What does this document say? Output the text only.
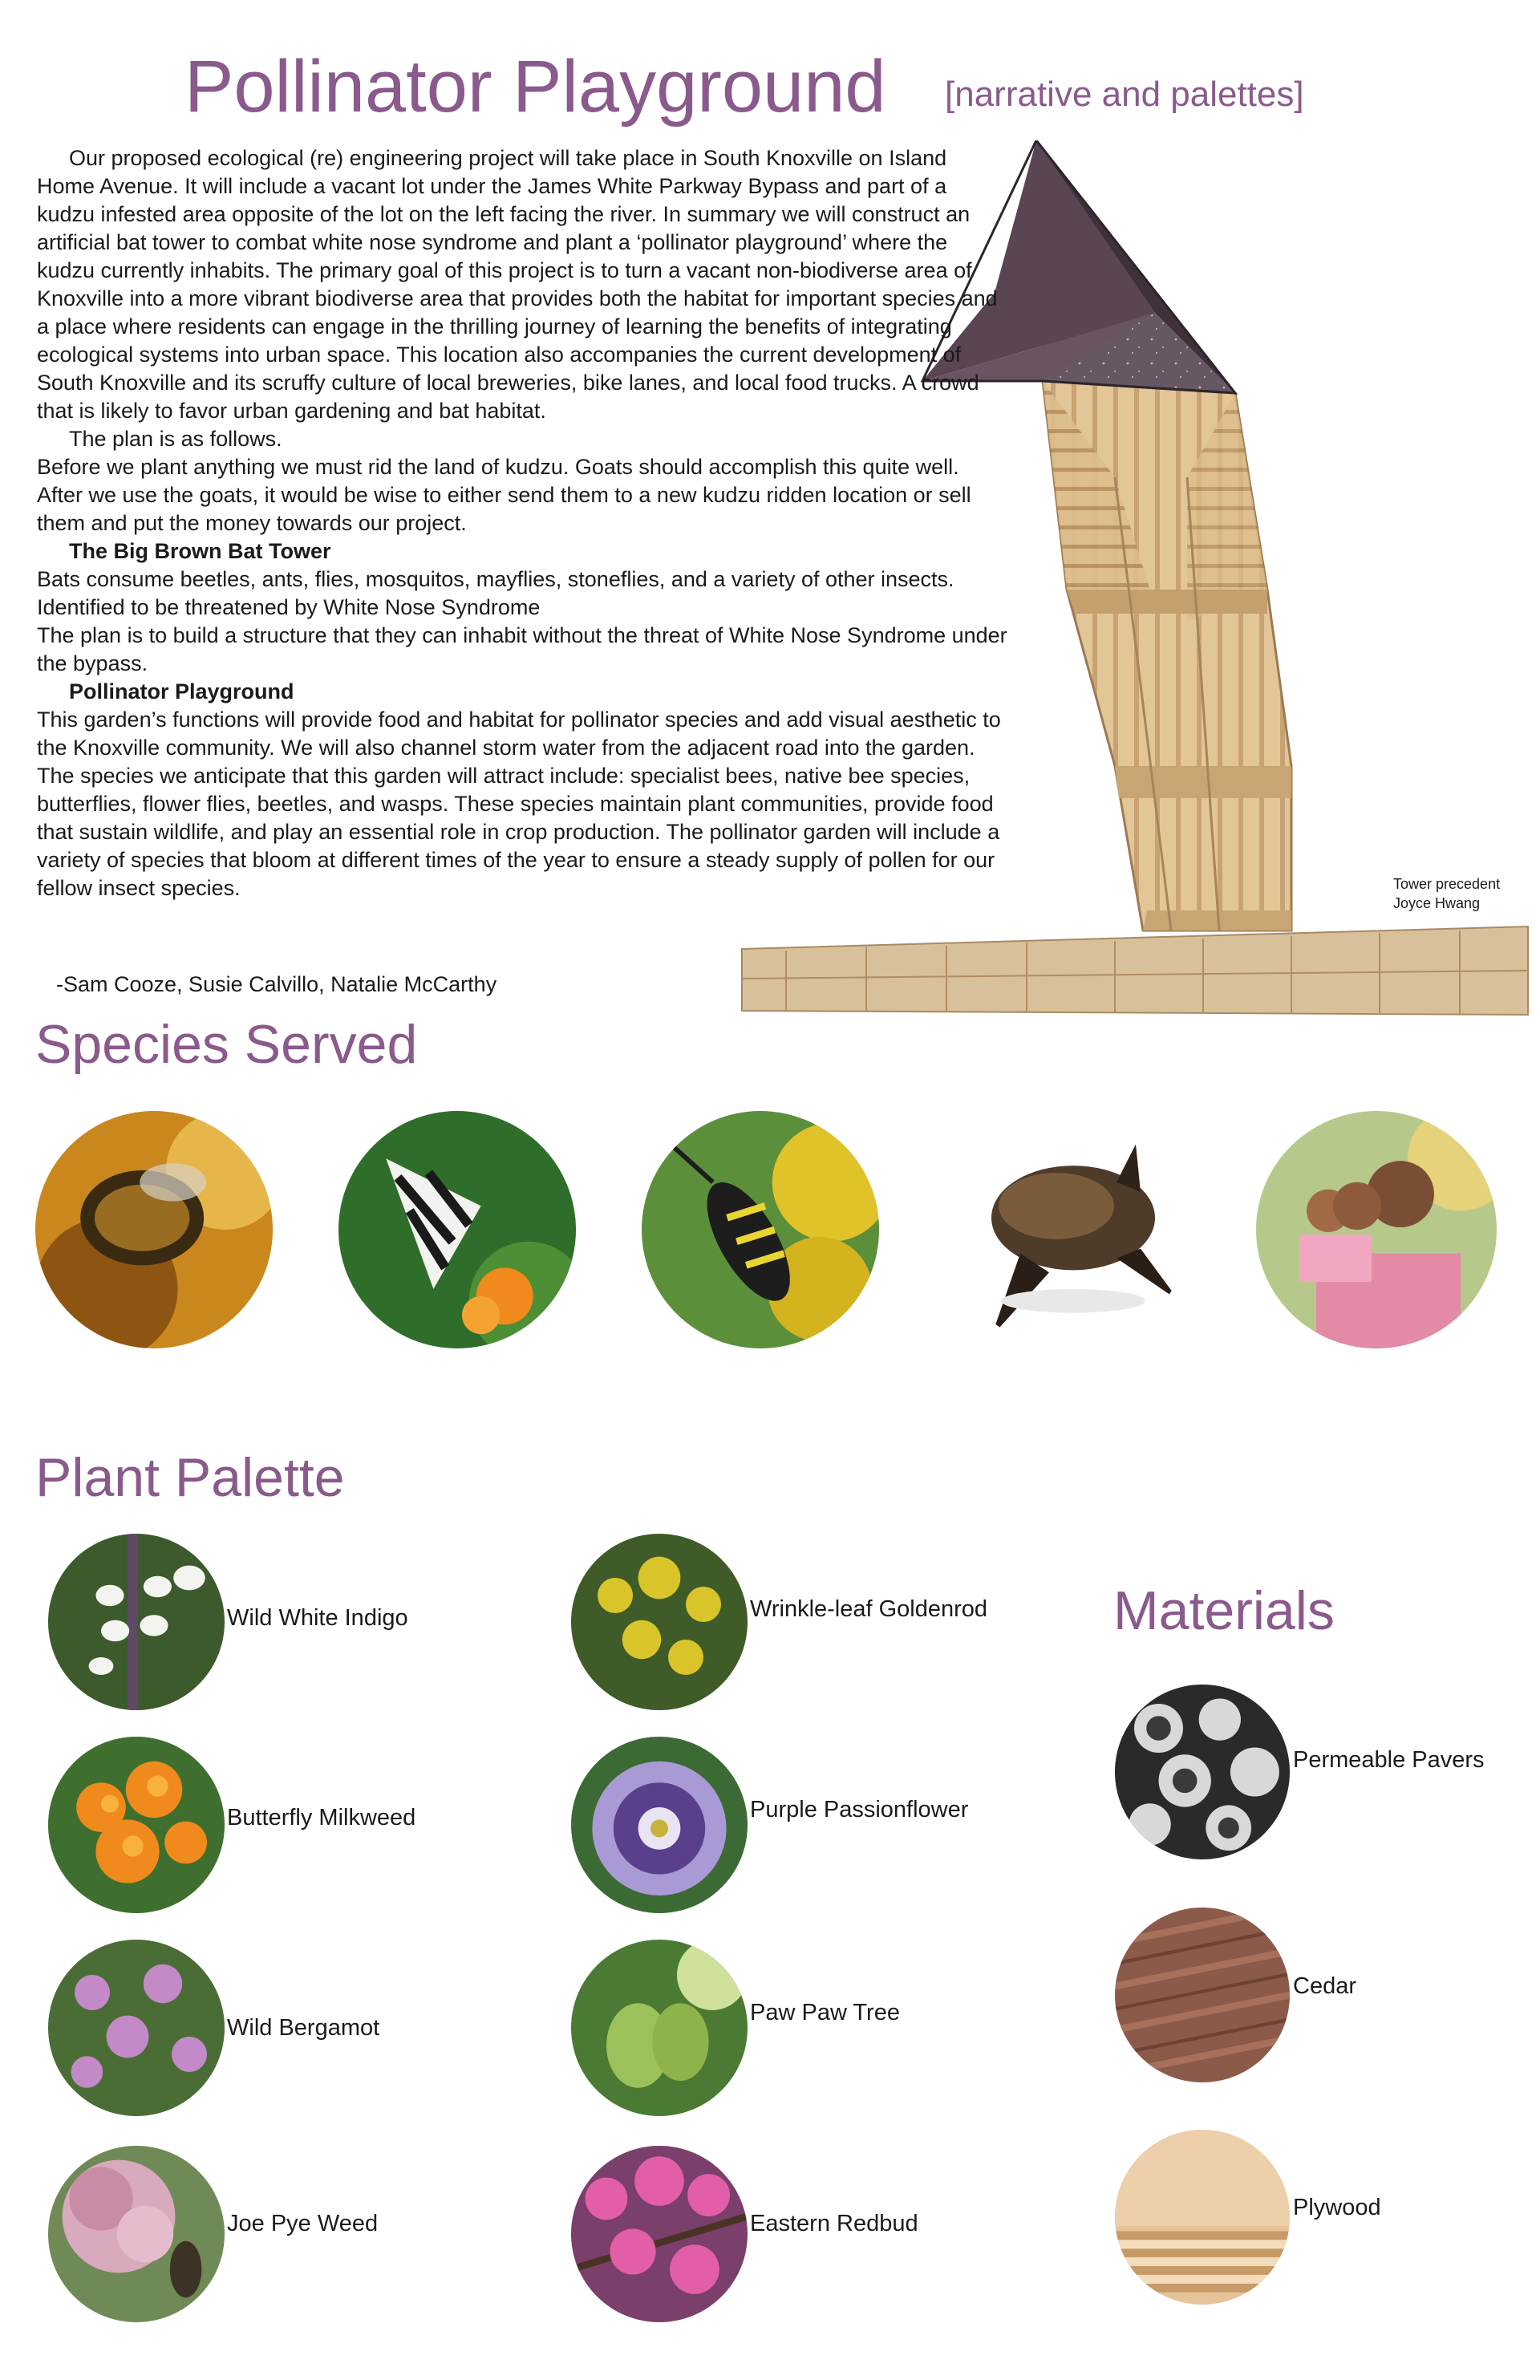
Pollinator Playground [narrative and palettes]
Tower precedent
Joyce Hwang

Our proposed ecological (re) engineering project will take place in South Knoxville on Island Home Avenue. It will include a vacant lot under the James White Parkway Bypass and part of a kudzu infested area opposite of the lot on the left facing the river. In summary we will construct an artificial bat tower to combat white nose syndrome and plant a ‘pollinator playground’ where the kudzu currently inhabits. The primary goal of this project is to turn a vacant non-biodiverse area of Knoxville into a more vibrant biodiverse area that provides both the habitat for important species and a place where residents can engage in the thrilling journey of learning the benefits of integrating ecological systems into urban space. This location also accompanies the current development of South Knoxville and its scruffy culture of local breweries, bike lanes, and local food trucks. A crowd that is likely to favor urban gardening and bat habitat.

The plan is as follows.

Before we plant anything we must rid the land of kudzu. Goats should accomplish this quite well. After we use the goats, it would be wise to either send them to a new kudzu ridden location or sell them and put the money towards our project.

The Big Brown Bat Tower

Bats consume beetles, ants, flies, mosquitos, mayflies, stoneflies, and a variety of other insects.

Identified to be threatened by White Nose Syndrome

The plan is to build a structure that they can inhabit without the threat of White Nose Syndrome under the bypass.

Pollinator Playground

This garden’s functions will provide food and habitat for pollinator species and add visual aesthetic to the Knoxville community. We will also channel storm water from the adjacent road into the garden.

The species we anticipate that this garden will attract include: specialist bees, native bee species, butterflies, flower flies, beetles, and wasps. These species maintain plant communities, provide food that sustain wildlife, and play an essential role in crop production. The pollinator garden will include a variety of species that bloom at different times of the year to ensure a steady supply of pollen for our fellow insect species.

-Sam Cooze, Susie Calvillo, Natalie McCarthy
Species Served
Plant Palette
Wild White Indigo
Butterfly Milkweed
Wild Bergamot
Joe Pye Weed
Wrinkle-leaf Goldenrod
Purple Passionflower
Paw Paw Tree
Eastern Redbud
Materials
Permeable Pavers
Cedar
Plywood
